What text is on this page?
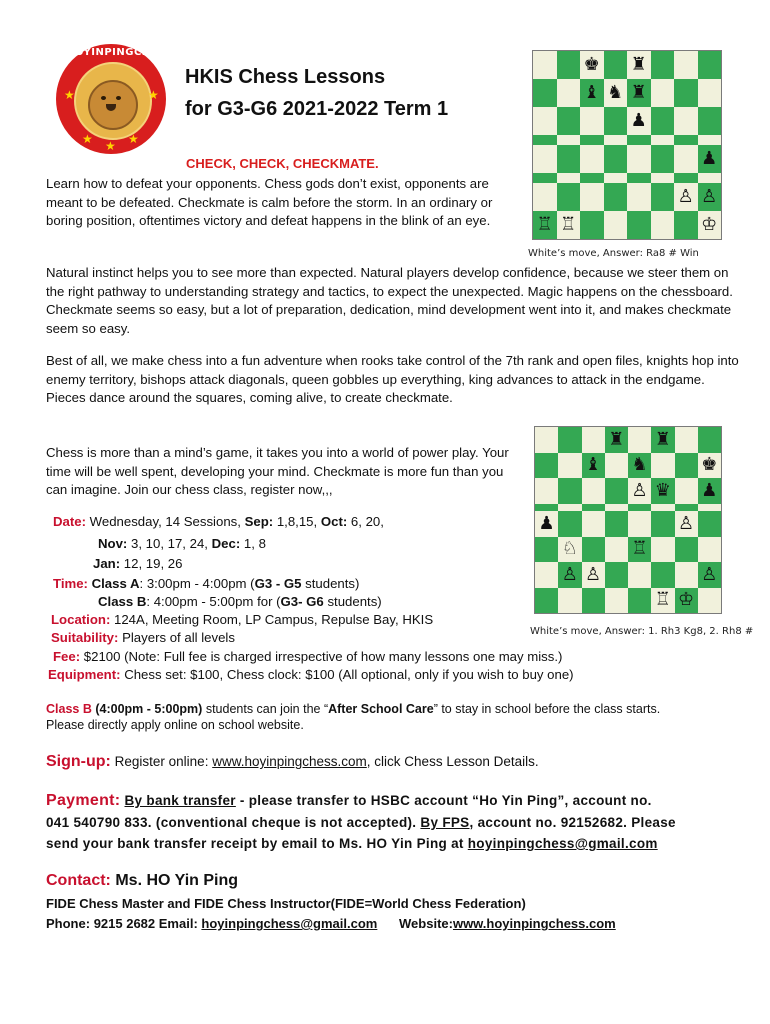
HOYINPINGCHESS
★	★
★ ★ ★
HKIS Chess Lessons
for G3-G6 2021-2022 Term 1
♚ ♜
♝ ♞ ♜
♟
♟
♙ ♙
♖ ♖	♔
White’s move, Answer: Ra8 # Win
CHECK, CHECK, CHECKMATE.
Learn how to defeat your opponents. Chess gods don’t exist, opponents are meant to be defeated. Checkmate is calm before the storm. In an ordinary or boring position, oftentimes victory and defeat happens in the blink of an eye.
Natural instinct helps you to see more than expected. Natural players develop confidence, because we steer them on the right pathway to understanding strategy and tactics, to expect the unexpected. Magic happens on the chessboard. Checkmate seems so easy, but a lot of preparation, dedication, mind development went into it, and makes checkmate seem so easy.
Best of all, we make chess into a fun adventure when rooks take control of the 7th rank and open files, knights hop into enemy territory, bishops attack diagonals, queen gobbles up everything, king advances to attack in the endgame. Pieces dance around the squares, coming alive, to create checkmate.
Chess is more than a mind’s game, it takes you into a world of power play. Your time will be well spent, developing your mind. Checkmate is more fun than you can imagine. Join our chess class, register now,,,
♜ ♜
♝ ♞	♚
♙ ♛ ♟
♟	♙
♘	♖
♙ ♙	♙
♖ ♔
White’s move, Answer: 1. Rh3 Kg8, 2. Rh8 #
Date: Wednesday, 14 Sessions, Sep: 1,8,15, Oct: 6, 20,
Nov: 3, 10, 17, 24, Dec: 1, 8
Jan: 12, 19, 26
Time: Class A: 3:00pm - 4:00pm (G3 - G5 students)
Class B: 4:00pm - 5:00pm for (G3- G6 students)
Location: 124A, Meeting Room, LP Campus, Repulse Bay, HKIS
Suitability: Players of all levels
Fee: $2100 (Note: Full fee is charged irrespective of how many lessons one may miss.)
Equipment: Chess set: $100, Chess clock: $100 (All optional, only if you wish to buy one)
Class B (4:00pm - 5:00pm) students can join the “After School Care” to stay in school before the class starts.
Please directly apply online on school website.
Sign-up: Register online: www.hoyinpingchess.com, click Chess Lesson Details.
Payment: By bank transfer - please transfer to HSBC account “Ho Yin Ping”, account no.
041 540790 833. (conventional cheque is not accepted). By FPS, account no. 92152682. Please
send your bank transfer receipt by email to Ms. HO Yin Ping at hoyinpingchess@gmail.com
Contact: Ms. HO Yin Ping
FIDE Chess Master and FIDE Chess Instructor(FIDE=World Chess Federation)
Phone: 9215 2682 Email: hoyinpingchess@gmail.com Website:www.hoyinpingchess.com
